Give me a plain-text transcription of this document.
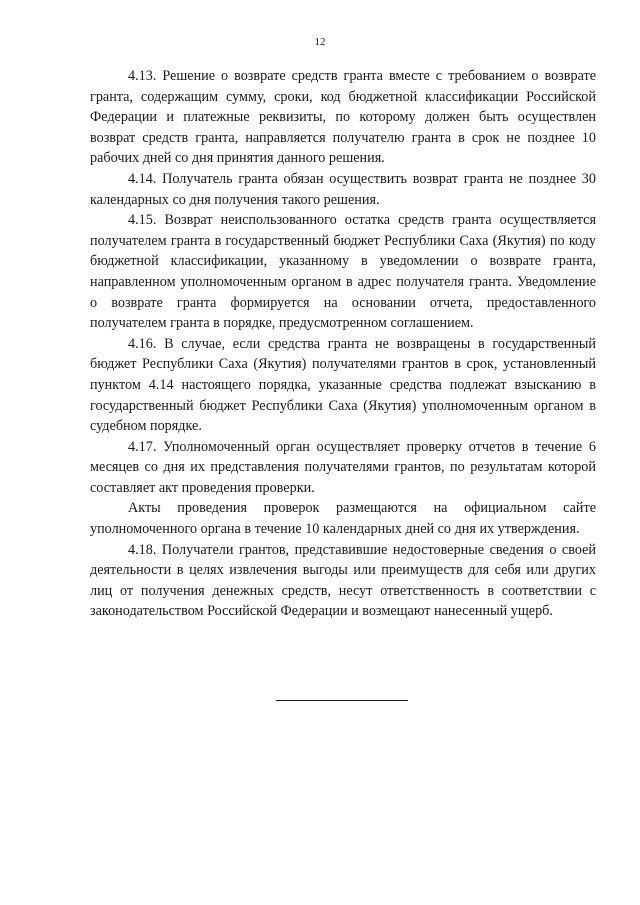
12

4.13. Решение о возврате средств гранта вместе с требованием о возврате гранта, содержащим сумму, сроки, код бюджетной классификации Российской Федерации и платежные реквизиты, по которому должен быть осуществлен возврат средств гранта, направляется получателю гранта в срок не позднее 10 рабочих дней со дня принятия данного решения.

4.14. Получатель гранта обязан осуществить возврат гранта не позднее 30 календарных со дня получения такого решения.

4.15. Возврат неиспользованного остатка средств гранта осуществляется получателем гранта в государственный бюджет Республики Саха (Якутия) по коду бюджетной классификации, указанному в уведомлении о возврате гранта, направленном уполномоченным органом в адрес получателя гранта. Уведомление о возврате гранта формируется на основании отчета, предоставленного получателем гранта в порядке, предусмотренном соглашением.

4.16. В случае, если средства гранта не возвращены в государственный бюджет Республики Саха (Якутия) получателями грантов в срок, установленный пунктом 4.14 настоящего порядка, указанные средства подлежат взысканию в государственный бюджет Республики Саха (Якутия) уполномоченным органом в судебном порядке.

4.17. Уполномоченный орган осуществляет проверку отчетов в течение 6 месяцев со дня их представления получателями грантов, по результатам которой составляет акт проведения проверки.

Акты проведения проверок размещаются на официальном сайте уполномоченного органа в течение 10 календарных дней со дня их утверждения.

4.18. Получатели грантов, представившие недостоверные сведения о своей деятельности в целях извлечения выгоды или преимуществ для себя или других лиц от получения денежных средств, несут ответственность в соответствии с законодательством Российской Федерации и возмещают нанесенный ущерб.
